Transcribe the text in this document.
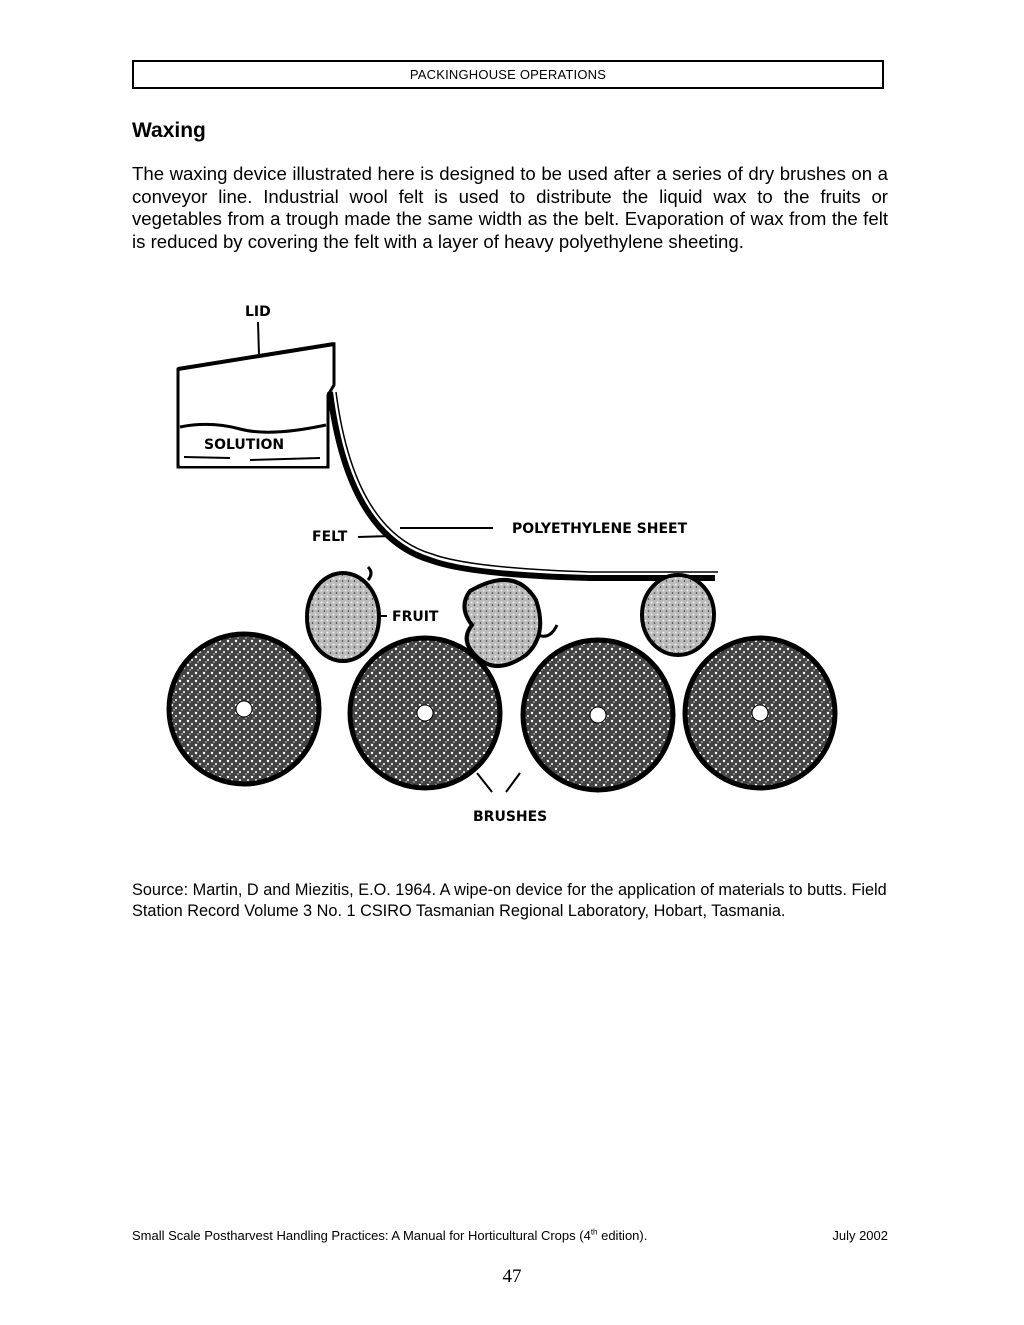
PACKINGHOUSE OPERATIONS
Waxing

The waxing device illustrated here is designed to be used after a series of dry brushes on a conveyor line. Industrial wool felt is used to distribute the liquid wax to the fruits or vegetables from a trough made the same width as the belt. Evaporation of wax from the felt is reduced by covering the felt with a layer of heavy polyethylene sheeting.

LID
SOLUTION
FELT	POLYETHYLENE SHEET
FRUIT
BRUSHES

Source: Martin, D and Miezitis, E.O. 1964. A wipe-on device for the application of materials to butts. Field Station Record Volume 3 No. 1 CSIRO Tasmanian Regional Laboratory, Hobart, Tasmania.

Small Scale Postharvest Handling Practices: A Manual for Horticultural Crops (4th edition).	July 2002
47
